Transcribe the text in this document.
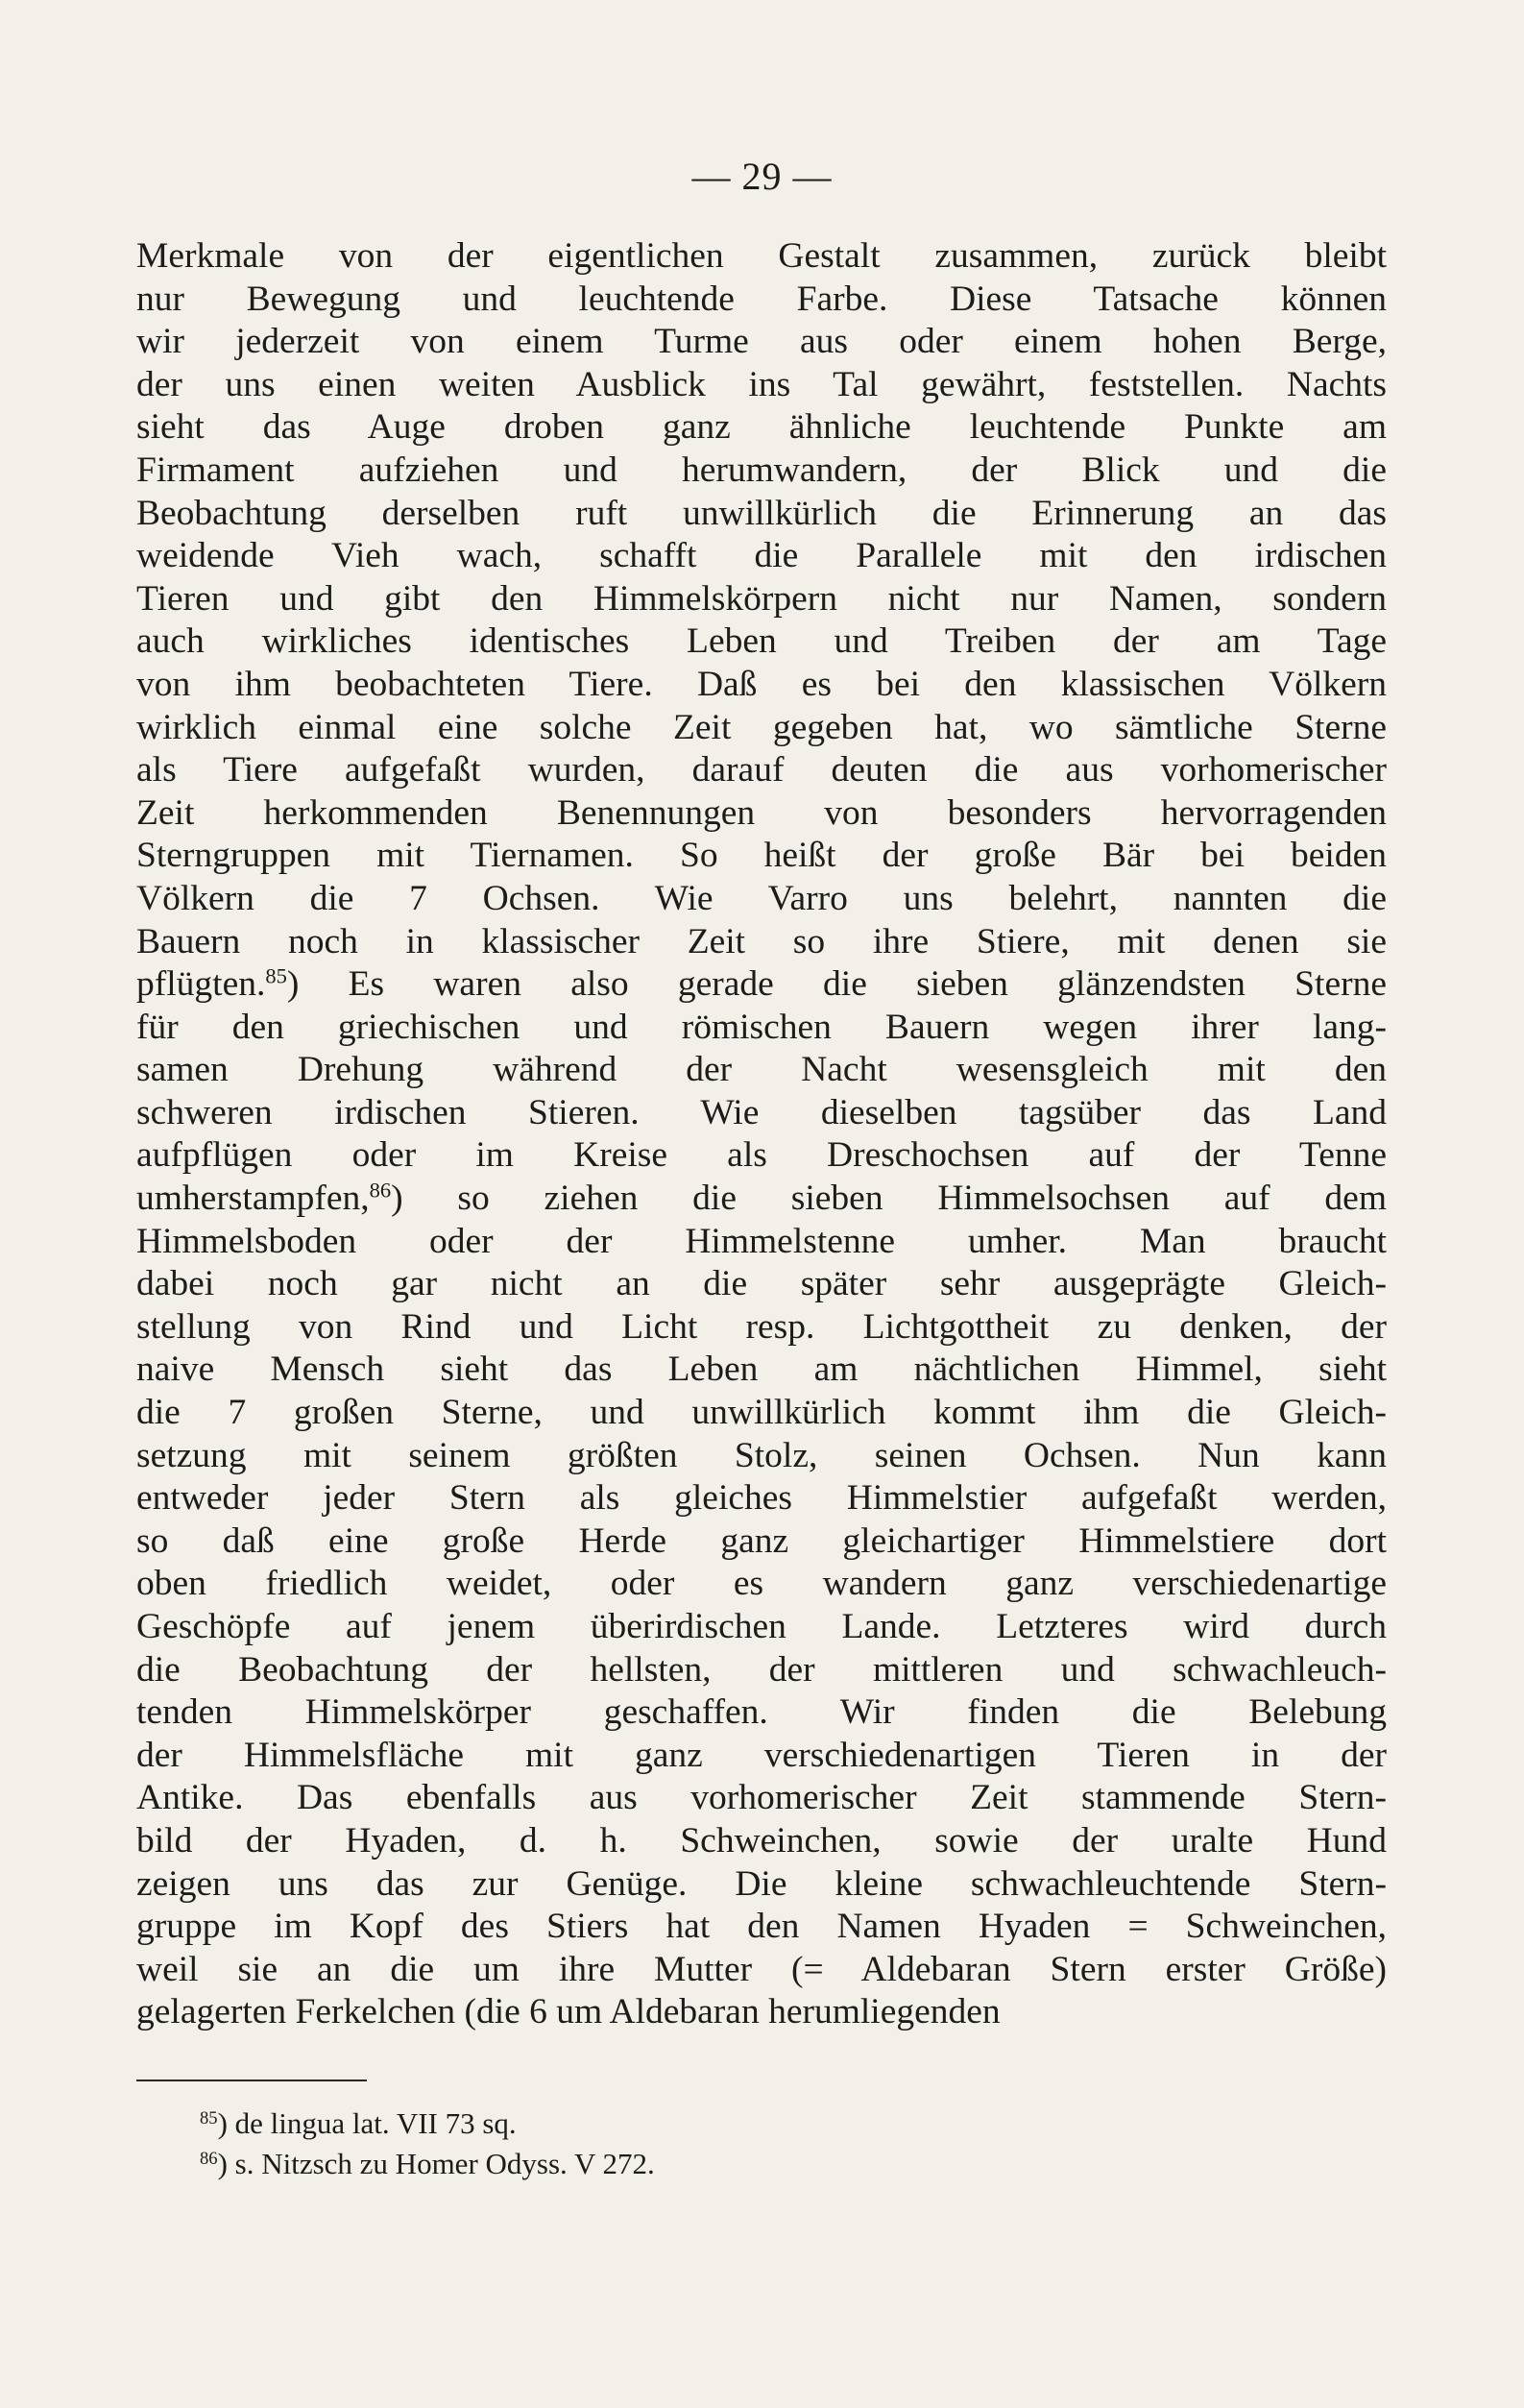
— 29 —
Merkmale von der eigentlichen Gestalt zusammen, zurück bleibt
nur Bewegung und leuchtende Farbe. Diese Tatsache können
wir jederzeit von einem Turme aus oder einem hohen Berge,
der uns einen weiten Ausblick ins Tal gewährt, feststellen. Nachts
sieht das Auge droben ganz ähnliche leuchtende Punkte am
Firmament aufziehen und herumwandern, der Blick und die
Beobachtung derselben ruft unwillkürlich die Erinnerung an das
weidende Vieh wach, schafft die Parallele mit den irdischen
Tieren und gibt den Himmelskörpern nicht nur Namen, sondern
auch wirkliches identisches Leben und Treiben der am Tage
von ihm beobachteten Tiere. Daß es bei den klassischen Völkern
wirklich einmal eine solche Zeit gegeben hat, wo sämtliche Sterne
als Tiere aufgefaßt wurden, darauf deuten die aus vorhomerischer
Zeit herkommenden Benennungen von besonders hervorragenden
Sterngruppen mit Tiernamen. So heißt der große Bär bei beiden
Völkern die 7 Ochsen. Wie Varro uns belehrt, nannten die
Bauern noch in klassischer Zeit so ihre Stiere, mit denen sie
pflügten.$^{85}$) Es waren also gerade die sieben glänzendsten Sterne
für den griechischen und römischen Bauern wegen ihrer lang-
samen Drehung während der Nacht wesensgleich mit den
schweren irdischen Stieren. Wie dieselben tagsüber das Land
aufpflügen oder im Kreise als Dreschochsen auf der Tenne
umherstampfen,$^{86}$) so ziehen die sieben Himmelsochsen auf dem
Himmelsboden oder der Himmelstenne umher. Man braucht
dabei noch gar nicht an die später sehr ausgeprägte Gleich-
stellung von Rind und Licht resp. Lichtgottheit zu denken, der
naive Mensch sieht das Leben am nächtlichen Himmel, sieht
die 7 großen Sterne, und unwillkürlich kommt ihm die Gleich-
setzung mit seinem größten Stolz, seinen Ochsen. Nun kann
entweder jeder Stern als gleiches Himmelstier aufgefaßt werden,
so daß eine große Herde ganz gleichartiger Himmelstiere dort
oben friedlich weidet, oder es wandern ganz verschiedenartige
Geschöpfe auf jenem überirdischen Lande. Letzteres wird durch
die Beobachtung der hellsten, der mittleren und schwachleuch-
tenden Himmelskörper geschaffen. Wir finden die Belebung
der Himmelsfläche mit ganz verschiedenartigen Tieren in der
Antike. Das ebenfalls aus vorhomerischer Zeit stammende Stern-
bild der Hyaden, d. h. Schweinchen, sowie der uralte Hund
zeigen uns das zur Genüge. Die kleine schwachleuchtende Stern-
gruppe im Kopf des Stiers hat den Namen Hyaden = Schweinchen,
weil sie an die um ihre Mutter (= Aldebaran Stern erster Größe)
gelagerten Ferkelchen (die 6 um Aldebaran herumliegenden
$^{85}$) de lingua lat. VII 73 sq.
$^{86}$) s. Nitzsch zu Homer Odyss. V 272.
